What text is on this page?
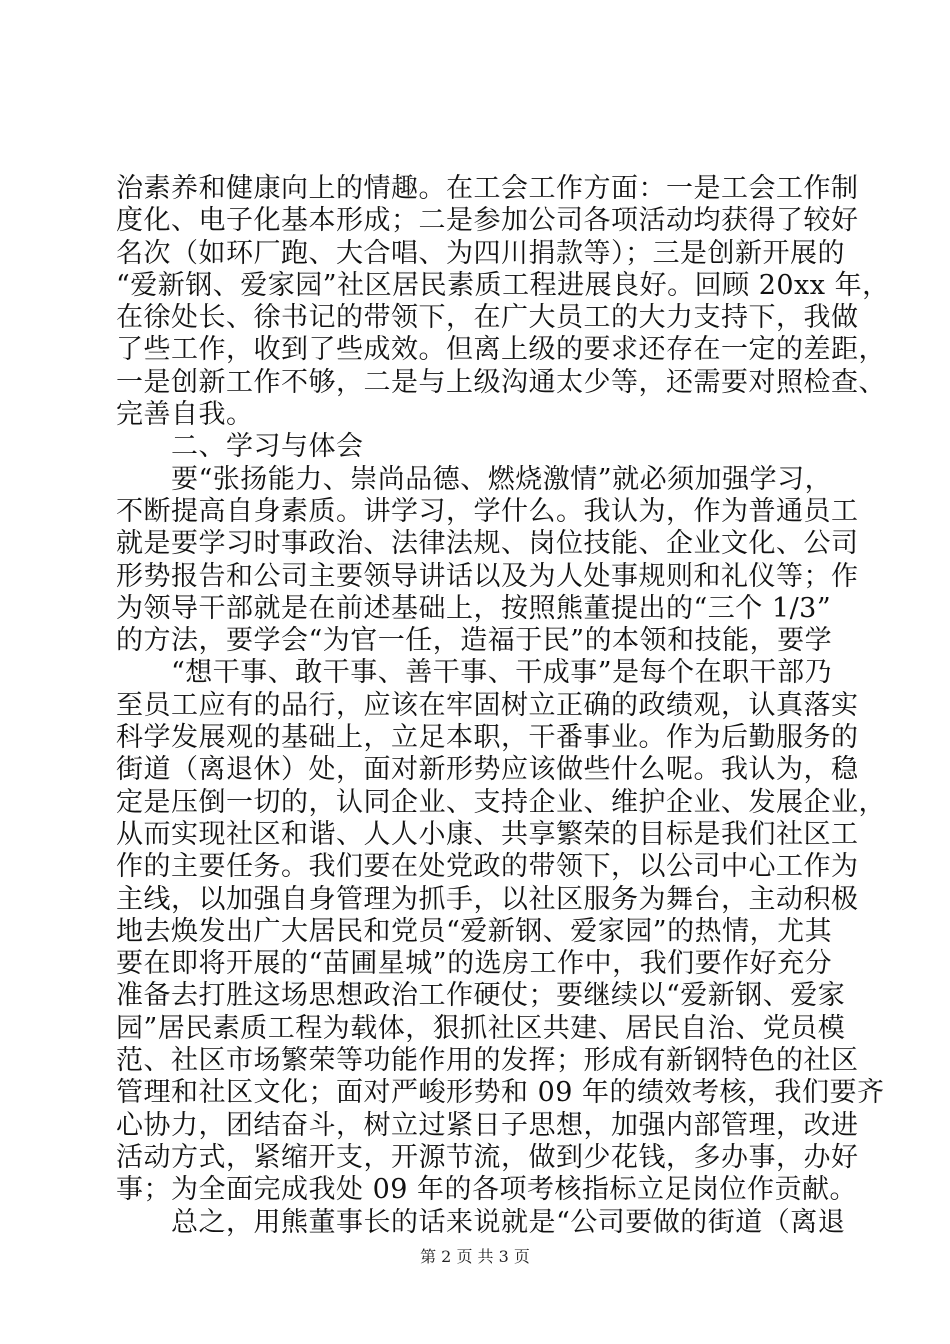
治素养和健康向上的情趣。在工会工作方面：一是工会工作制
度化、电子化基本形成；二是参加公司各项活动均获得了较好
名次（如环厂跑、大合唱、为四川捐款等）；三是创新开展的
“爱新钢、爱家园”社区居民素质工程进展良好。回顾 20xx 年，
在徐处长、徐书记的带领下，在广大员工的大力支持下，我做
了些工作，收到了些成效。但离上级的要求还存在一定的差距，
一是创新工作不够，二是与上级沟通太少等，还需要对照检查、
完善自我。
　　二、学习与体会
　　要“张扬能力、崇尚品德、燃烧激情”就必须加强学习，
不断提高自身素质。讲学习，学什么。我认为，作为普通员工
就是要学习时事政治、法律法规、岗位技能、企业文化、公司
形势报告和公司主要领导讲话以及为人处事规则和礼仪等；作
为领导干部就是在前述基础上，按照熊董提出的“三个 1/3”
的方法，要学会“为官一任，造福于民”的本领和技能，要学
　　“想干事、敢干事、善干事、干成事”是每个在职干部乃
至员工应有的品行，应该在牢固树立正确的政绩观，认真落实
科学发展观的基础上，立足本职，干番事业。作为后勤服务的
街道（离退休）处，面对新形势应该做些什么呢。我认为，稳
定是压倒一切的，认同企业、支持企业、维护企业、发展企业，
从而实现社区和谐、人人小康、共享繁荣的目标是我们社区工
作的主要任务。我们要在处党政的带领下，以公司中心工作为
主线，以加强自身管理为抓手，以社区服务为舞台，主动积极
地去焕发出广大居民和党员“爱新钢、爱家园”的热情，尤其
要在即将开展的“苗圃星城”的选房工作中，我们要作好充分
准备去打胜这场思想政治工作硬仗；要继续以“爱新钢、爱家
园”居民素质工程为载体，狠抓社区共建、居民自治、党员模
范、社区市场繁荣等功能作用的发挥；形成有新钢特色的社区
管理和社区文化；面对严峻形势和 09 年的绩效考核，我们要齐
心协力，团结奋斗，树立过紧日子思想，加强内部管理，改进
活动方式，紧缩开支，开源节流，做到少花钱，多办事，办好
事；为全面完成我处 09 年的各项考核指标立足岗位作贡献。
　　总之，用熊董事长的话来说就是“公司要做的街道（离退
第 2 页 共 3 页
